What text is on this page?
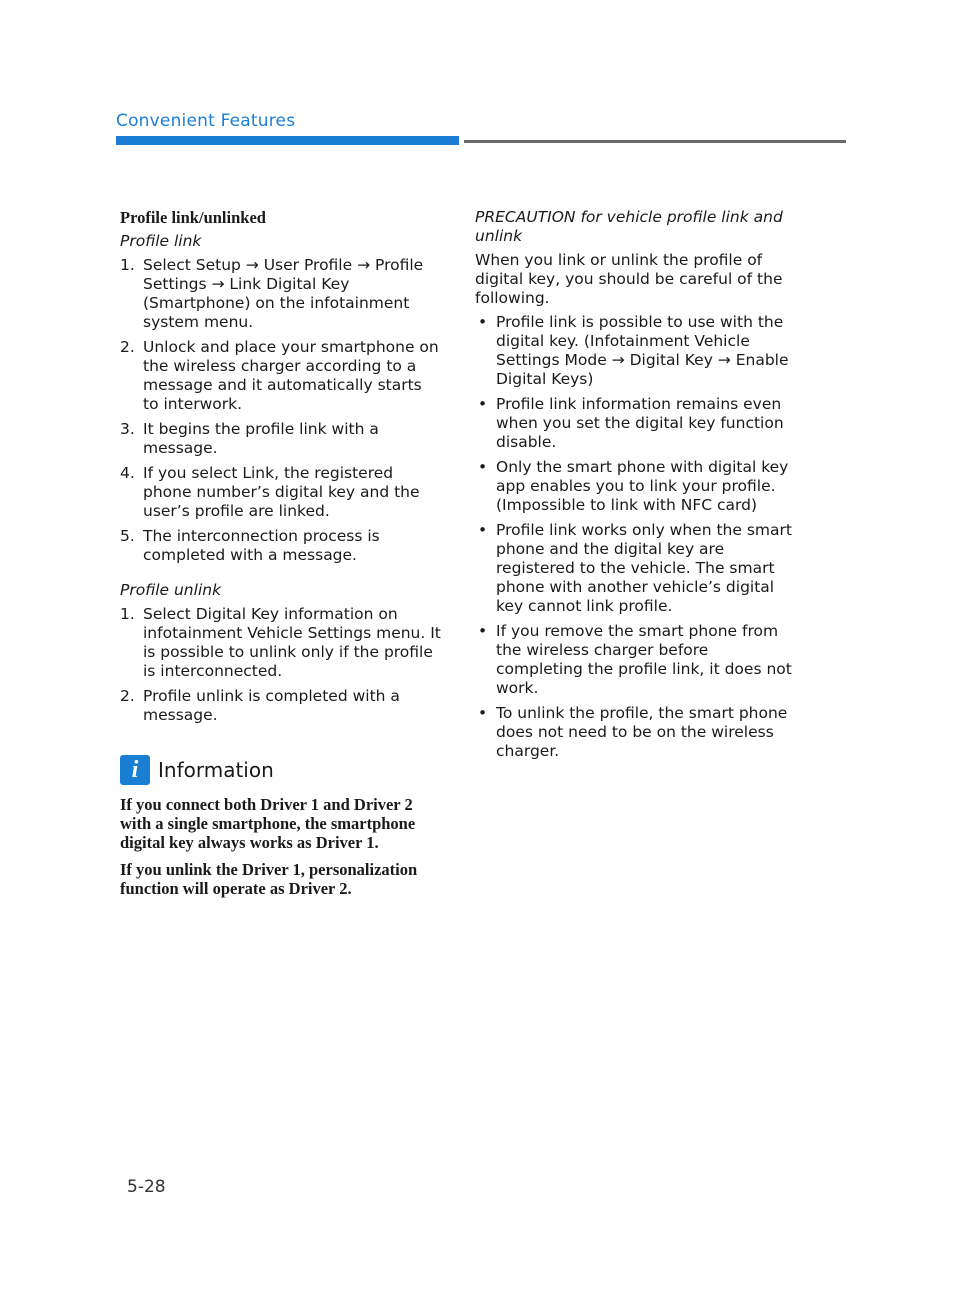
Convenient Features
Profile link/unlinked
Profile link
1. Select Setup → User Profile → Profile Settings → Link Digital Key (Smartphone) on the infotainment system menu.
2. Unlock and place your smartphone on the wireless charger according to a message and it automatically starts to interwork.
3. It begins the profile link with a message.
4. If you select Link, the registered phone number’s digital key and the user’s profile are linked.
5. The interconnection process is completed with a message.
Profile unlink
1. Select Digital Key information on infotainment Vehicle Settings menu. It is possible to unlink only if the profile is interconnected.
2. Profile unlink is completed with a message.
i Information

If you connect both Driver 1 and Driver 2 with a single smartphone, the smartphone digital key always works as Driver 1.

If you unlink the Driver 1, personalization function will operate as Driver 2.

PRECAUTION for vehicle profile link and unlink

When you link or unlink the profile of digital key, you should be careful of the following.

• Profile link is possible to use with the digital key. (Infotainment Vehicle Settings Mode → Digital Key → Enable Digital Keys)
• Profile link information remains even when you set the digital key function disable.
• Only the smart phone with digital key app enables you to link your profile. (Impossible to link with NFC card)
• Profile link works only when the smart phone and the digital key are registered to the vehicle. The smart phone with another vehicle’s digital key cannot link profile.
• If you remove the smart phone from the wireless charger before completing the profile link, it does not work.
• To unlink the profile, the smart phone does not need to be on the wireless charger.
5-28
